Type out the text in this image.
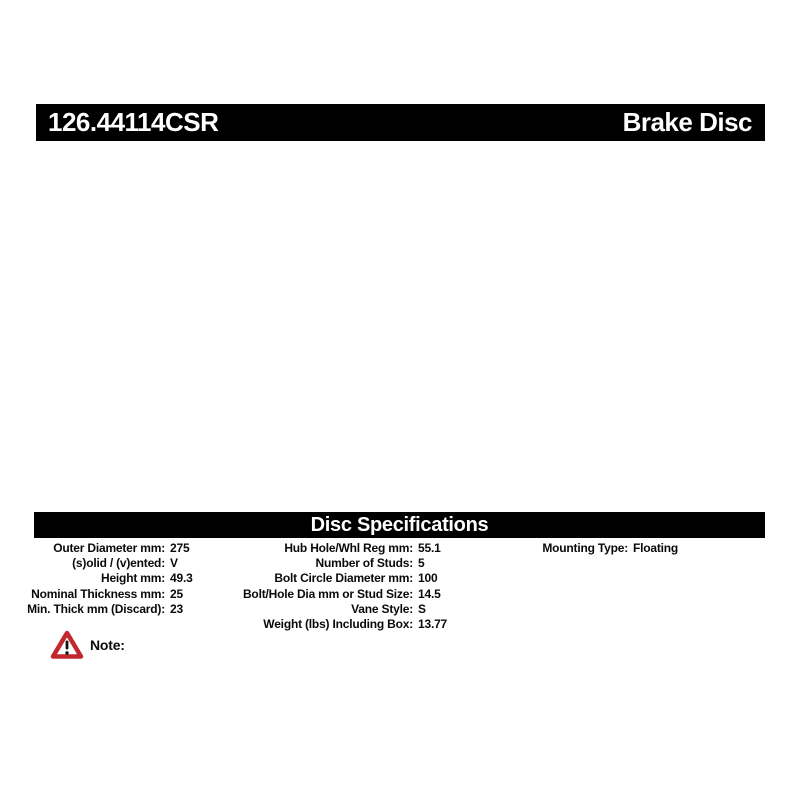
126.44114CSR	Brake Disc
Disc Specifications
Outer Diameter mm: 275
(s)olid / (v)ented: V
Height mm: 49.3
Nominal Thickness mm: 25
Min. Thick mm (Discard): 23
Hub Hole/Whl Reg mm: 55.1
Number of Studs: 5
Bolt Circle Diameter mm: 100
Bolt/Hole Dia mm or Stud Size: 14.5
Vane Style: S
Weight (lbs) Including Box: 13.77
Mounting Type: Floating
Note:
